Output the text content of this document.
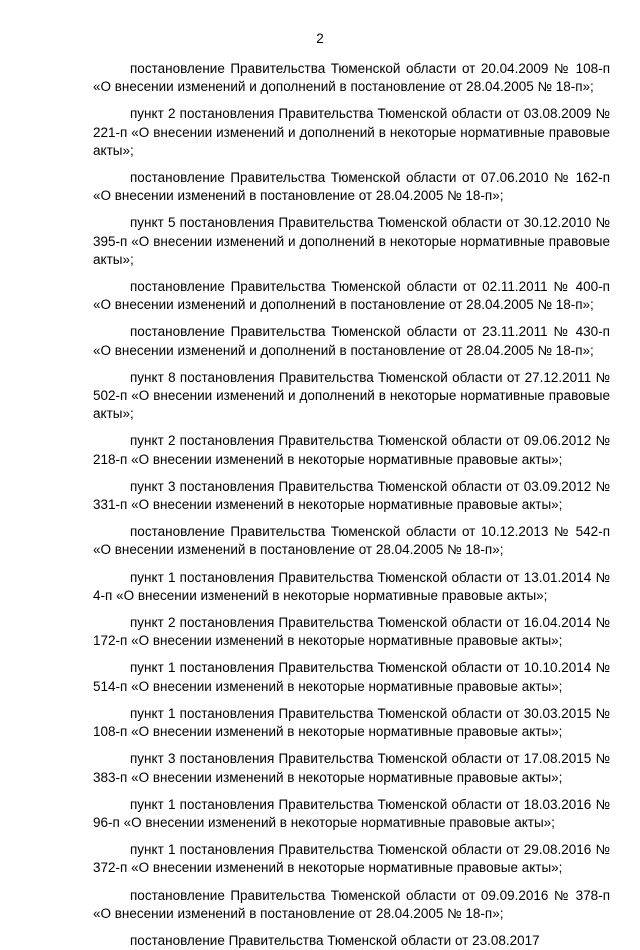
2

постановление Правительства Тюменской области от 20.04.2009 № 108-п «О внесении изменений и дополнений в постановление от 28.04.2005 № 18-п»;

пункт 2 постановления Правительства Тюменской области от 03.08.2009 № 221-п «О внесении изменений и дополнений в некоторые нормативные правовые акты»;

постановление Правительства Тюменской области от 07.06.2010 № 162-п «О внесении изменений в постановление от 28.04.2005 № 18-п»;

пункт 5 постановления Правительства Тюменской области от 30.12.2010 № 395-п «О внесении изменений и дополнений в некоторые нормативные правовые акты»;

постановление Правительства Тюменской области от 02.11.2011 № 400-п «О внесении изменений и дополнений в постановление от 28.04.2005 № 18-п»;

постановление Правительства Тюменской области от 23.11.2011 № 430-п «О внесении изменений и дополнений в постановление от 28.04.2005 № 18-п»;

пункт 8 постановления Правительства Тюменской области от 27.12.2011 № 502-п «О внесении изменений и дополнений в некоторые нормативные правовые акты»;

пункт 2 постановления Правительства Тюменской области от 09.06.2012 № 218-п «О внесении изменений в некоторые нормативные правовые акты»;

пункт 3 постановления Правительства Тюменской области от 03.09.2012 № 331-п «О внесении изменений в некоторые нормативные правовые акты»;

постановление Правительства Тюменской области от 10.12.2013 № 542-п «О внесении изменений в постановление от 28.04.2005 № 18-п»;

пункт 1 постановления Правительства Тюменской области от 13.01.2014 № 4-п «О внесении изменений в некоторые нормативные правовые акты»;

пункт 2 постановления Правительства Тюменской области от 16.04.2014 № 172-п «О внесении изменений в некоторые нормативные правовые акты»;

пункт 1 постановления Правительства Тюменской области от 10.10.2014 № 514-п «О внесении изменений в некоторые нормативные правовые акты»;

пункт 1 постановления Правительства Тюменской области от 30.03.2015 № 108-п «О внесении изменений в некоторые нормативные правовые акты»;

пункт 3 постановления Правительства Тюменской области от 17.08.2015 № 383-п «О внесении изменений в некоторые нормативные правовые акты»;

пункт 1 постановления Правительства Тюменской области от 18.03.2016 № 96-п «О внесении изменений в некоторые нормативные правовые акты»;

пункт 1 постановления Правительства Тюменской области от 29.08.2016 № 372-п «О внесении изменений в некоторые нормативные правовые акты»;

постановление Правительства Тюменской области от 09.09.2016 № 378-п «О внесении изменений в постановление от 28.04.2005 № 18-п»;

постановление Правительства Тюменской области от 23.08.2017
